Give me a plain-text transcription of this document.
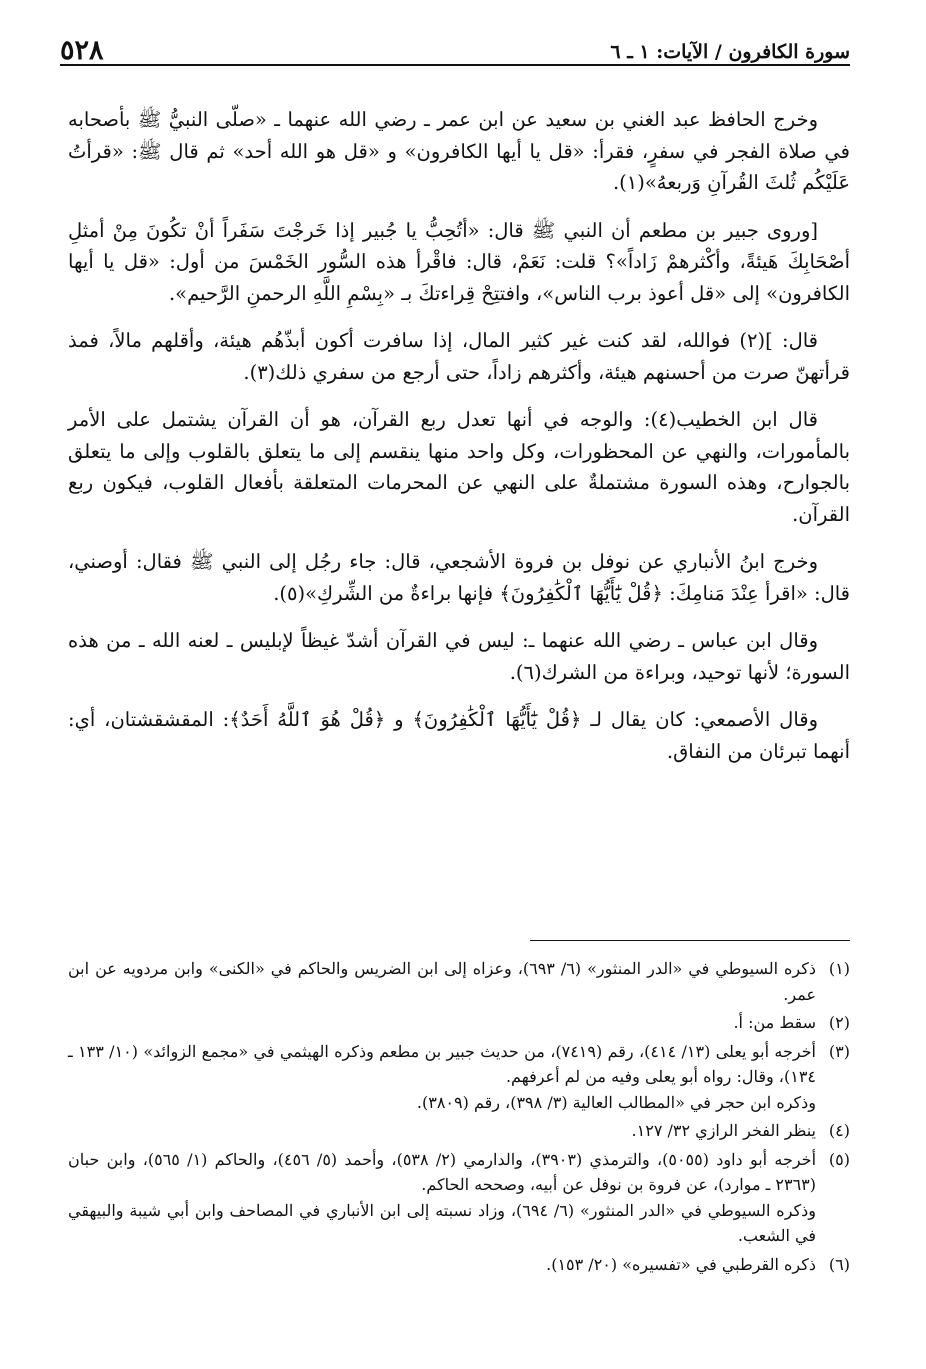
سورة الكافرون / الآيات: ١ ـ ٦
٥٢٨

وخرج الحافظ عبد الغني بن سعيد عن ابن عمر ـ رضي الله عنهما ـ «صلّى النبيُّ ﷺ بأصحابه في صلاة الفجر في سفرٍ، فقرأ: «قل يا أيها الكافرون» و «قل هو الله أحد» ثم قال ﷺ: «قرأتُ عَلَيْكُم ثُلثَ القُرآنِ وَربعهُ»(١).

[وروى جبير بن مطعم أن النبي ﷺ قال: «أتُحِبُّ يا جُبير إذا خَرجْتَ سَفَراً أنْ تكُونَ مِنْ أمثلِ أصْحَابِكَ هَيئةً، وأكْثرهمْ زَاداً»؟ قلت: نَعَمْ، قال: فاقْرأ هذه السُّور الخَمْسَ من أول: «قل يا أيها الكافرون» إلى «قل أعوذ برب الناس»، وافتتِحْ قِراءتكَ بـ «بِسْمِ اللَّهِ الرحمنِ الرَّحيم».

قال: ](٢) فوالله، لقد كنت غير كثير المال، إذا سافرت أكون أبذّهُم هيئة، وأقلهم مالاً، فمذ قرأتهنّ صرت من أحسنهم هيئة، وأكثرهم زاداً، حتى أرجع من سفري ذلك(٣).

قال ابن الخطيب(٤): والوجه في أنها تعدل ربع القرآن، هو أن القرآن يشتمل على الأمر بالمأمورات، والنهي عن المحظورات، وكل واحد منها ينقسم إلى ما يتعلق بالقلوب وإلى ما يتعلق بالجوارح، وهذه السورة مشتملةٌ على النهي عن المحرمات المتعلقة بأفعال القلوب، فيكون ربع القرآن.

وخرج ابنُ الأنباري عن نوفل بن فروة الأشجعي، قال: جاء رجُل إلى النبي ﷺ فقال: أوصني، قال: «اقرأ عِنْدَ مَنامِكَ: ﴿قُلْ يَٰٓأَيُّهَا ٱلْكَٰفِرُونَ﴾ فإنها براءةٌ من الشِّركِ»(٥).

وقال ابن عباس ـ رضي الله عنهما ـ: ليس في القرآن أشدّ غيظاً لإبليس ـ لعنه الله ـ من هذه السورة؛ لأنها توحيد، وبراءة من الشرك(٦).

وقال الأصمعي: كان يقال لـ ﴿قُلْ يَٰٓأَيُّهَا ٱلْكَٰفِرُونَ﴾ و ﴿قُلْ هُوَ ٱللَّهُ أَحَدٌ﴾: المقشقشتان، أي: أنهما تبرئان من النفاق.

(١)
ذكره السيوطي في «الدر المنثور» (٦/ ٦٩٣)، وعزاه إلى ابن الضريس والحاكم في «الكنى» وابن مردويه عن ابن عمر.
(٢)
سقط من: أ.
(٣)
أخرجه أبو يعلى (١٣/ ٤١٤)، رقم (٧٤١٩)، من حديث جبير بن مطعم وذكره الهيثمي في «مجمع الزوائد» (١٠/ ١٣٣ ـ ١٣٤)، وقال: رواه أبو يعلى وفيه من لم أعرفهم.
وذكره ابن حجر في «المطالب العالية (٣/ ٣٩٨)، رقم (٣٨٠٩).
(٤)
ينظر الفخر الرازي ٣٢/ ١٢٧.
(٥)
أخرجه أبو داود (٥٠٥٥)، والترمذي (٣٩٠٣)، والدارمي (٢/ ٥٣٨)، وأحمد (٥/ ٤٥٦)، والحاكم (١/ ٥٦٥)، وابن حبان (٢٣٦٣ ـ موارد)، عن فروة بن نوفل عن أبيه، وصححه الحاكم.
وذكره السيوطي في «الدر المنثور» (٦/ ٦٩٤)، وزاد نسبته إلى ابن الأنباري في المصاحف وابن أبي شيبة والبيهقي في الشعب.
(٦)
ذكره القرطبي في «تفسيره» (٢٠/ ١٥٣).
